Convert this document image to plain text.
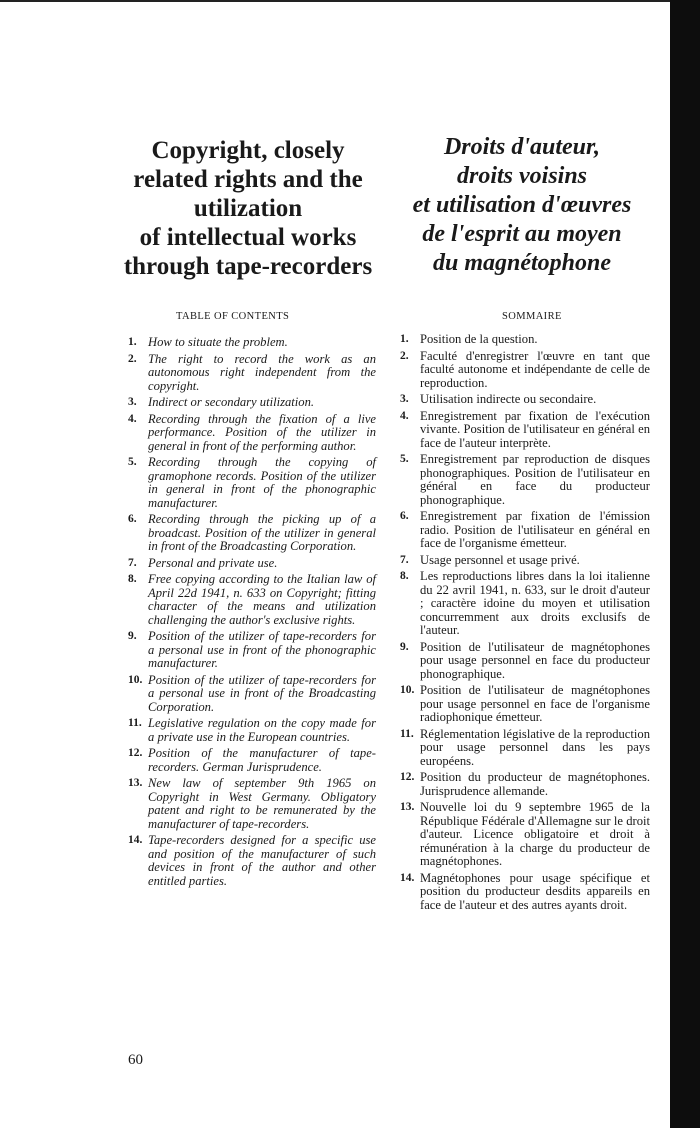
Copyright, closely
related rights and the
utilization
of intellectual works
through tape-recorders
Droits d'auteur,
droits voisins
et utilisation d'œuvres
de l'esprit au moyen
du magnétophone

TABLE OF CONTENTS	SOMMAIRE

1. How to situate the problem.
2. The right to record the work as an autonomous right independent from the copyright.
3. Indirect or secondary utilization.
4. Recording through the fixation of a live performance. Position of the utilizer in general in front of the performing author.
5. Recording through the copying of gramophone records. Position of the utilizer in general in front of the phonographic manufacturer.
6. Recording through the picking up of a broadcast. Position of the utilizer in general in front of the Broadcasting Corporation.
7. Personal and private use.
8. Free copying according to the Italian law of April 22d 1941, n. 633 on Copyright; fitting character of the means and utilization challenging the author's exclusive rights.
9. Position of the utilizer of tape-recorders for a personal use in front of the phonographic manufacturer.
10. Position of the utilizer of tape-recorders for a personal use in front of the Broadcasting Corporation.
11. Legislative regulation on the copy made for a private use in the European countries.
12. Position of the manufacturer of tape-recorders. German Jurisprudence.
13. New law of september 9th 1965 on Copyright in West Germany. Obligatory patent and right to be remunerated by the manufacturer of tape-recorders.
14. Tape-recorders designed for a specific use and position of the manufacturer of such devices in front of the author and other entitled parties.
1. Position de la question.
2. Faculté d'enregistrer l'œuvre en tant que faculté autonome et indépendante de celle de reproduction.
3. Utilisation indirecte ou secondaire.
4. Enregistrement par fixation de l'exécution vivante. Position de l'utilisateur en général en face de l'auteur interprète.
5. Enregistrement par reproduction de disques phonographiques. Position de l'utilisateur en général en face du producteur phonographique.
6. Enregistrement par fixation de l'émission radio. Position de l'utilisateur en général en face de l'organisme émetteur.
7. Usage personnel et usage privé.
8. Les reproductions libres dans la loi italienne du 22 avril 1941, n. 633, sur le droit d'auteur ; caractère idoine du moyen et utilisation concurremment aux droits exclusifs de l'auteur.
9. Position de l'utilisateur de magnétophones pour usage personnel en face du producteur phonographique.
10. Position de l'utilisateur de magnétophones pour usage personnel en face de l'organisme radiophonique émetteur.
11. Réglementation législative de la reproduction pour usage personnel dans les pays européens.
12. Position du producteur de magnétophones. Jurisprudence allemande.
13. Nouvelle loi du 9 septembre 1965 de la République Fédérale d'Allemagne sur le droit d'auteur. Licence obligatoire et droit à rémunération à la charge du producteur de magnétophones.
14. Magnétophones pour usage spécifique et position du producteur desdits appareils en face de l'auteur et des autres ayants droit.

60
